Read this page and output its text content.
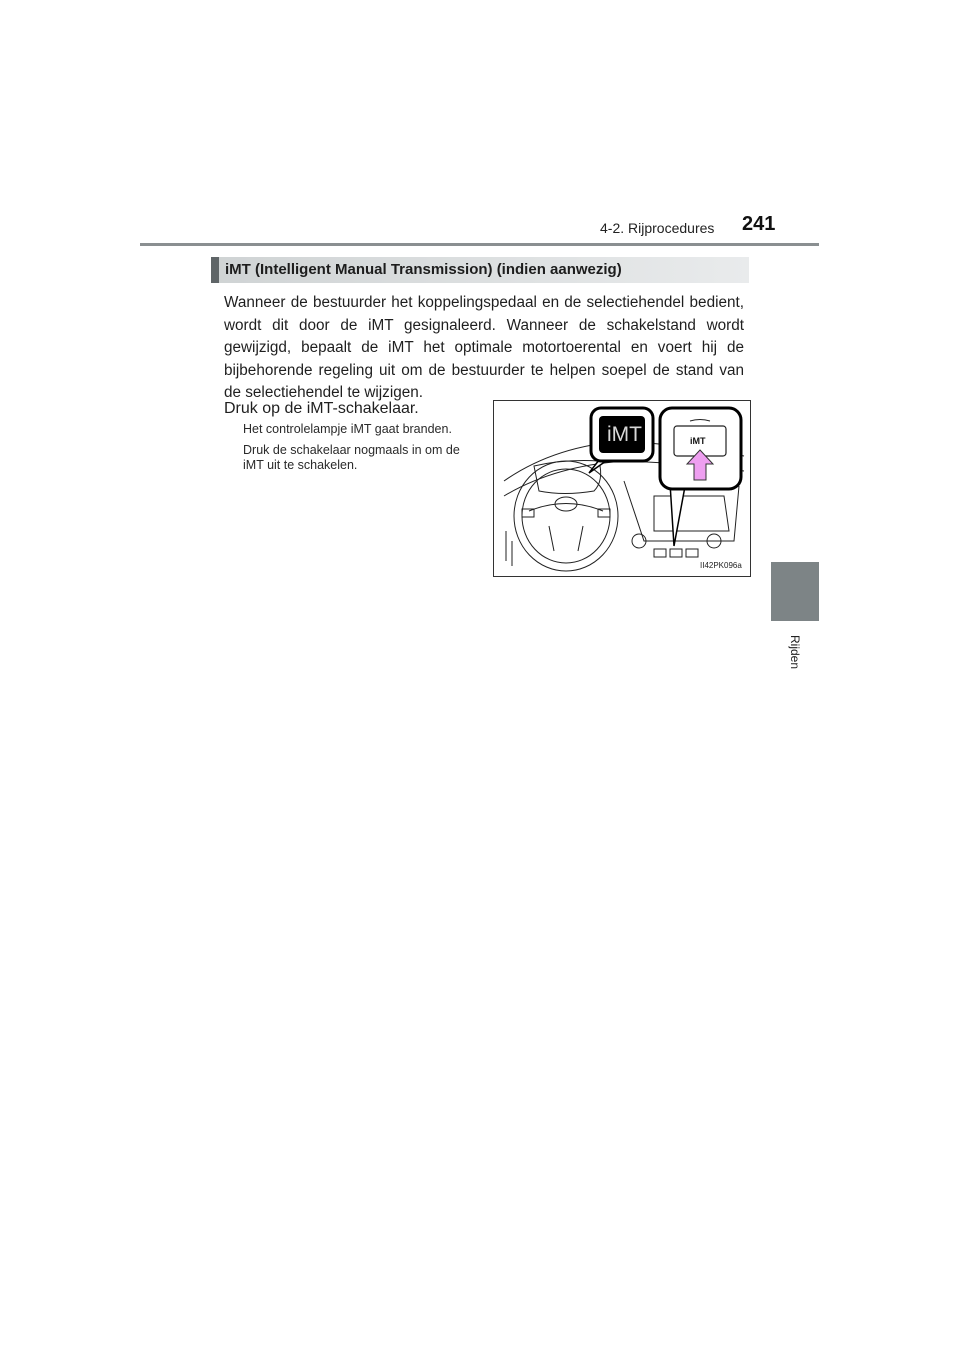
4-2. Rijprocedures 241
4
Rijden
iMT (Intelligent Manual Transmission) (indien aanwezig)

Wanneer de bestuurder het koppelingspedaal en de selectiehendel bedient, wordt dit door de iMT gesignaleerd. Wanneer de schakelstand wordt gewijzigd, bepaalt de iMT het optimale motortoerental en voert hij de bijbehorende regeling uit om de bestuurder te helpen soepel de stand van de selectiehendel te wijzigen.

Druk op de iMT-schakelaar.

Het controlelampje iMT gaat branden.

Druk de schakelaar nogmaals in om de iMT uit te schakelen.

iMT	iMT
II42PK096a
